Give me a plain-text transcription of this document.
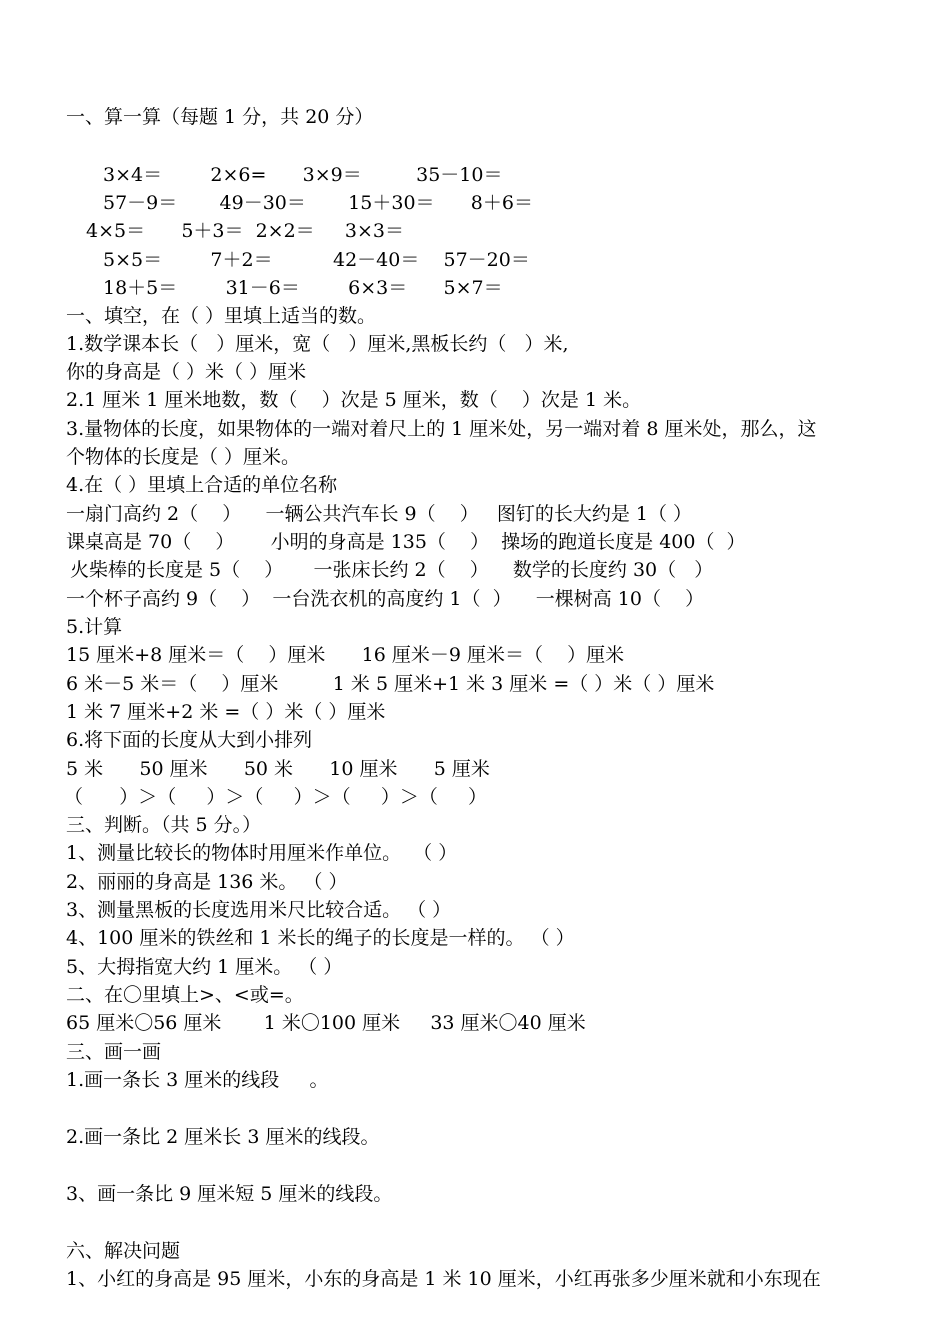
一、算一算（每题 1 分，共 20 分）
3×4＝        2×6=      3×9＝         35－10＝
57－9＝       49－30＝       15＋30＝      8＋6＝
4×5＝      5＋3＝  2×2＝     3×3＝
5×5＝        7＋2＝          42－40＝    57－20＝
18＋5＝        31－6＝        6×3＝      5×7＝
一、填空，在（ ）里填上适当的数。
1.数学课本长（   ）厘米，宽（   ）厘米,黑板长约（   ）米,
你的身高是（ ）米（ ）厘米
2.1 厘米 1 厘米地数，数（    ）次是 5 厘米，数（    ）次是 1 米。
3.量物体的长度，如果物体的一端对着尺上的 1 厘米处，另一端对着 8 厘米处，那么，这
个物体的长度是（ ）厘米。
4.在（ ）里填上合适的单位名称
一扇门高约 2（    ）    一辆公共汽车长 9（    ）   图钉的长大约是 1（ ）
课桌高是 70（    ）      小明的身高是 135（    ）  操场的跑道长度是 400（  ）
火柴棒的长度是 5（    ）     一张床长约 2（    ）    数学的长度约 30（   ）
一个杯子高约 9（    ）  一台洗衣机的高度约 1（  ）    一棵树高 10（    ）
5.计算
15 厘米+8 厘米＝（    ）厘米      16 厘米－9 厘米＝（    ）厘米
6 米－5 米＝（    ）厘米         1 米 5 厘米+1 米 3 厘米 =（ ）米（ ）厘米
1 米 7 厘米+2 米 =（ ）米（ ）厘米
6.将下面的长度从大到小排列
5 米      50 厘米      50 米      10 厘米      5 厘米
（      ）＞（     ）＞（     ）＞（     ）＞（     ）
三、判断。（共 5 分。）
1、测量比较长的物体时用厘米作单位。  （ ）
2、丽丽的身高是 136 米。 （ ）
3、测量黑板的长度选用米尺比较合适。 （ ）
4、100 厘米的铁丝和 1 米长的绳子的长度是一样的。 （ ）
5、大拇指宽大约 1 厘米。 （ ）
二、在〇里填上>、<或=。
65 厘米〇56 厘米       1 米〇100 厘米     33 厘米〇40 厘米
三、画一画
1.画一条长 3 厘米的线段     。
2.画一条比 2 厘米长 3 厘米的线段。
3、画一条比 9 厘米短 5 厘米的线段。
六、解决问题
1、小红的身高是 95 厘米，小东的身高是 1 米 10 厘米，小红再张多少厘米就和小东现在
